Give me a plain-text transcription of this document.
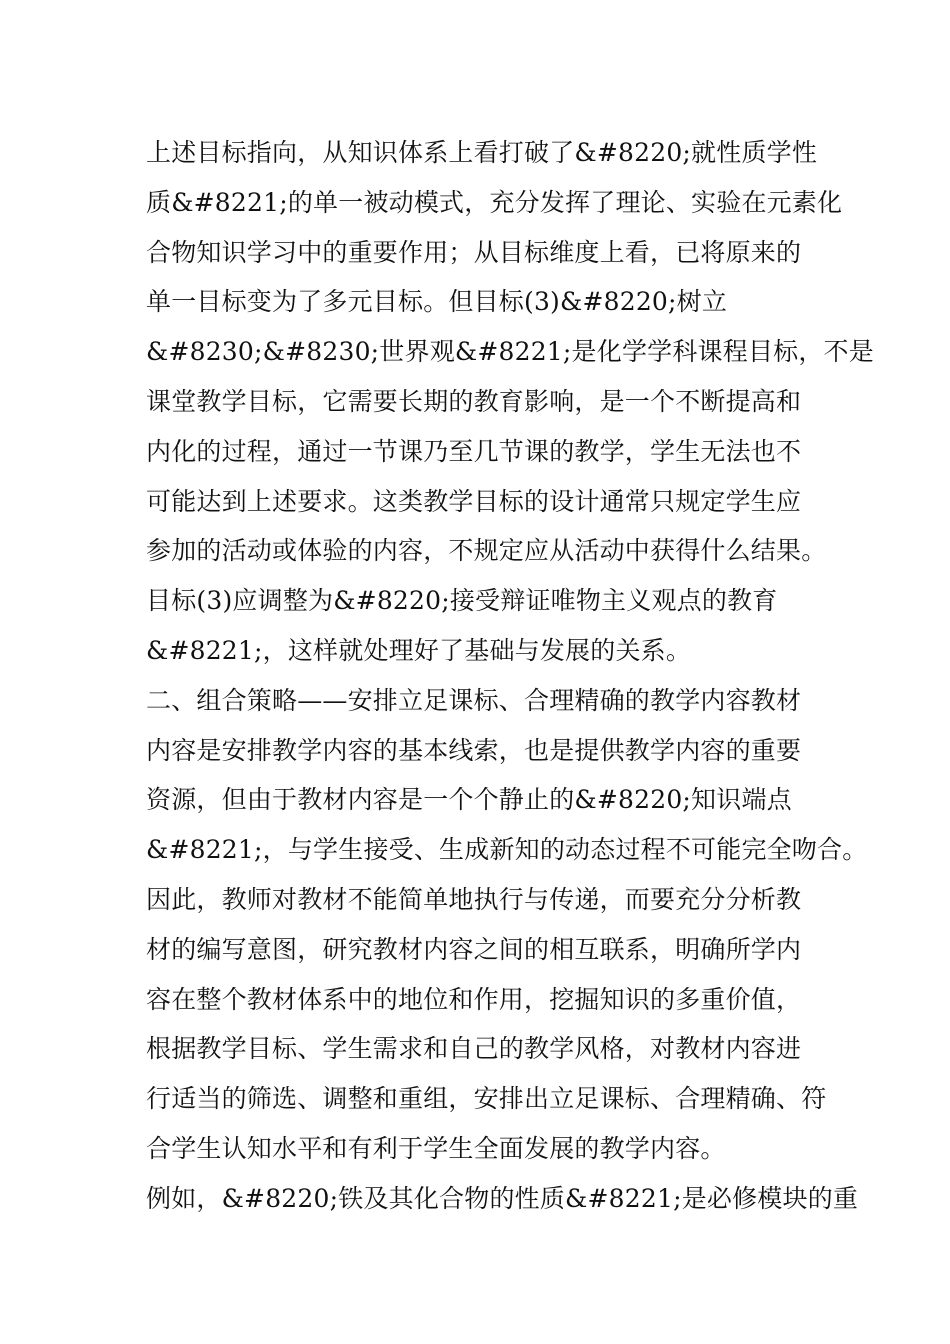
上述目标指向，从知识体系上看打破了&#8220;就性质学性
质&#8221;的单一被动模式，充分发挥了理论、实验在元素化
合物知识学习中的重要作用；从目标维度上看，已将原来的
单一目标变为了多元目标。但目标(3)&#8220;树立
&#8230;&#8230;世界观&#8221;是化学学科课程目标，不是
课堂教学目标，它需要长期的教育影响，是一个不断提高和
内化的过程，通过一节课乃至几节课的教学，学生无法也不
可能达到上述要求。这类教学目标的设计通常只规定学生应
参加的活动或体验的内容，不规定应从活动中获得什么结果。
目标(3)应调整为&#8220;接受辩证唯物主义观点的教育
&#8221;，这样就处理好了基础与发展的关系。
二、组合策略——安排立足课标、合理精确的教学内容教材
内容是安排教学内容的基本线索，也是提供教学内容的重要
资源，但由于教材内容是一个个静止的&#8220;知识端点
&#8221;，与学生接受、生成新知的动态过程不可能完全吻合。
因此，教师对教材不能简单地执行与传递，而要充分分析教
材的编写意图，研究教材内容之间的相互联系，明确所学内
容在整个教材体系中的地位和作用，挖掘知识的多重价值，
根据教学目标、学生需求和自己的教学风格，对教材内容进
行适当的筛选、调整和重组，安排出立足课标、合理精确、符
合学生认知水平和有利于学生全面发展的教学内容。
例如，&#8220;铁及其化合物的性质&#8221;是必修模块的重
